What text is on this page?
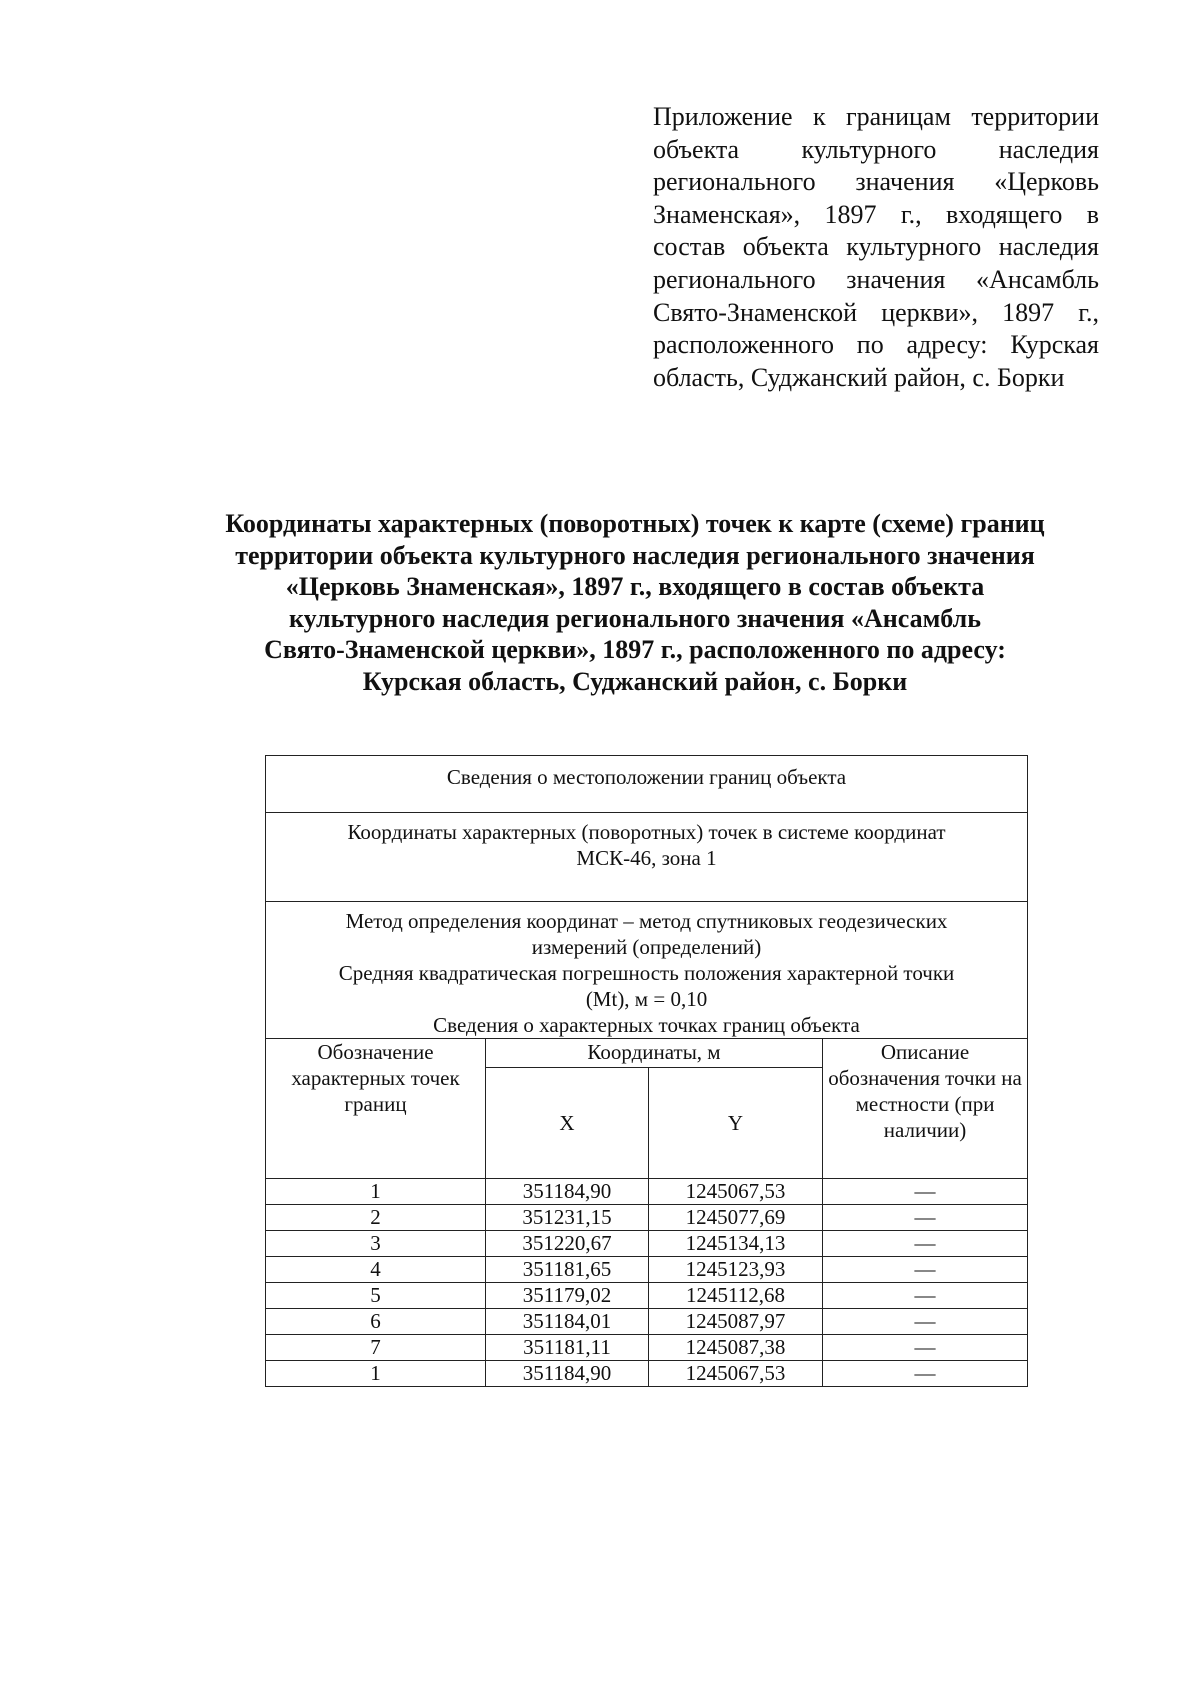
Приложение к границам территории объекта культурного наследия регионального значения «Церковь Знаменская», 1897 г., входящего в состав объекта культурного наследия регионального значения «Ансамбль Свято-Знаменской церкви», 1897 г., расположенного по адресу: Курская область, Суджанский район, с. Борки
Координаты характерных (поворотных) точек к карте (схеме) границ
территории объекта культурного наследия регионального значения
«Церковь Знаменская», 1897 г., входящего в состав объекта
культурного наследия регионального значения «Ансамбль
Свято-Знаменской церкви», 1897 г., расположенного по адресу:
Курская область, Суджанский район, с. Борки
Сведения о местоположении границ объекта			

Координаты характерных (поворотных) точек в системе координат
МСК-46, зона 1			

Метод определения координат – метод спутниковых геодезических
измерений (определений)
Средняя квадратическая погрешность положения характерной точки
(Mt), м = 0,10
Сведения о характерных точках границ объекта			

Обозначение характерных точек границ	Координаты, м		Описание обозначения точки на местности (при наличии)
	X	Y	
1	351184,90	1245067,53	—
2	351231,15	1245077,69	—
3	351220,67	1245134,13	—
4	351181,65	1245123,93	—
5	351179,02	1245112,68	—
6	351184,01	1245087,97	—
7	351181,11	1245087,38	—
1	351184,90	1245067,53	—
